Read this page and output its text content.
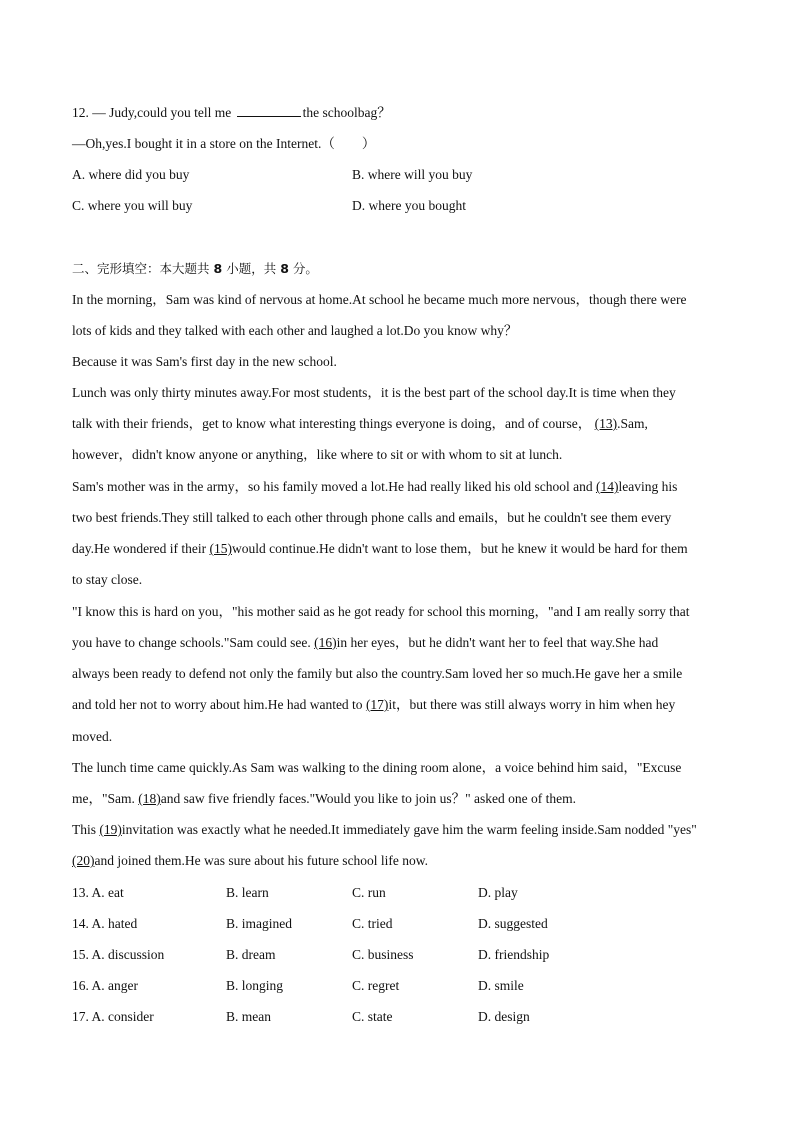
12. — Judy,could you tell me	the schoolbag？
—Oh,yes.I bought it in a store on the Internet.（　　）
A. where did you buy	B. where will you buy
C. where you will buy	D. where you bought
二、完形填空：本大题共 8 小题，共 8 分。
In the morning，Sam was kind of nervous at home.At school he became much more nervous，though there were
lots of kids and they talked with each other and laughed a lot.Do you know why？
Because it was Sam's first day in the new school.
Lunch was only thirty minutes away.For most students，it is the best part of the school day.It is time when they
talk with their friends，get to know what interesting things everyone is doing，and of course， (13).Sam,
however，didn't know anyone or anything，like where to sit or with whom to sit at lunch.
Sam's mother was in the army，so his family moved a lot.He had really liked his old school and (14)leaving his
two best friends.They still talked to each other through phone calls and emails，but he couldn't see them every
day.He wondered if their (15)would continue.He didn't want to lose them，but he knew it would be hard for them
to stay close.
"I know this is hard on you，"his mother said as he got ready for school this morning，"and I am really sorry that
you have to change schools."Sam could see. (16)in her eyes，but he didn't want her to feel that way.She had
always been ready to defend not only the family but also the country.Sam loved her so much.He gave her a smile
and told her not to worry about him.He had wanted to (17)it，but there was still always worry in him when hey
moved.
The lunch time came quickly.As Sam was walking to the dining room alone，a voice behind him said，"Excuse
me，"Sam. (18)and saw five friendly faces."Would you like to join us？" asked one of them.
This (19)invitation was exactly what he needed.It immediately gave him the warm feeling inside.Sam nodded "yes"
(20)and joined them.He was sure about his future school life now.
13. A. eat	B. learn	C. run	D. play
14. A. hated	B. imagined	C. tried	D. suggested
15. A. discussion	B. dream	C. business	D. friendship
16. A. anger	B. longing	C. regret	D. smile
17. A. consider	B. mean	C. state	D. design
